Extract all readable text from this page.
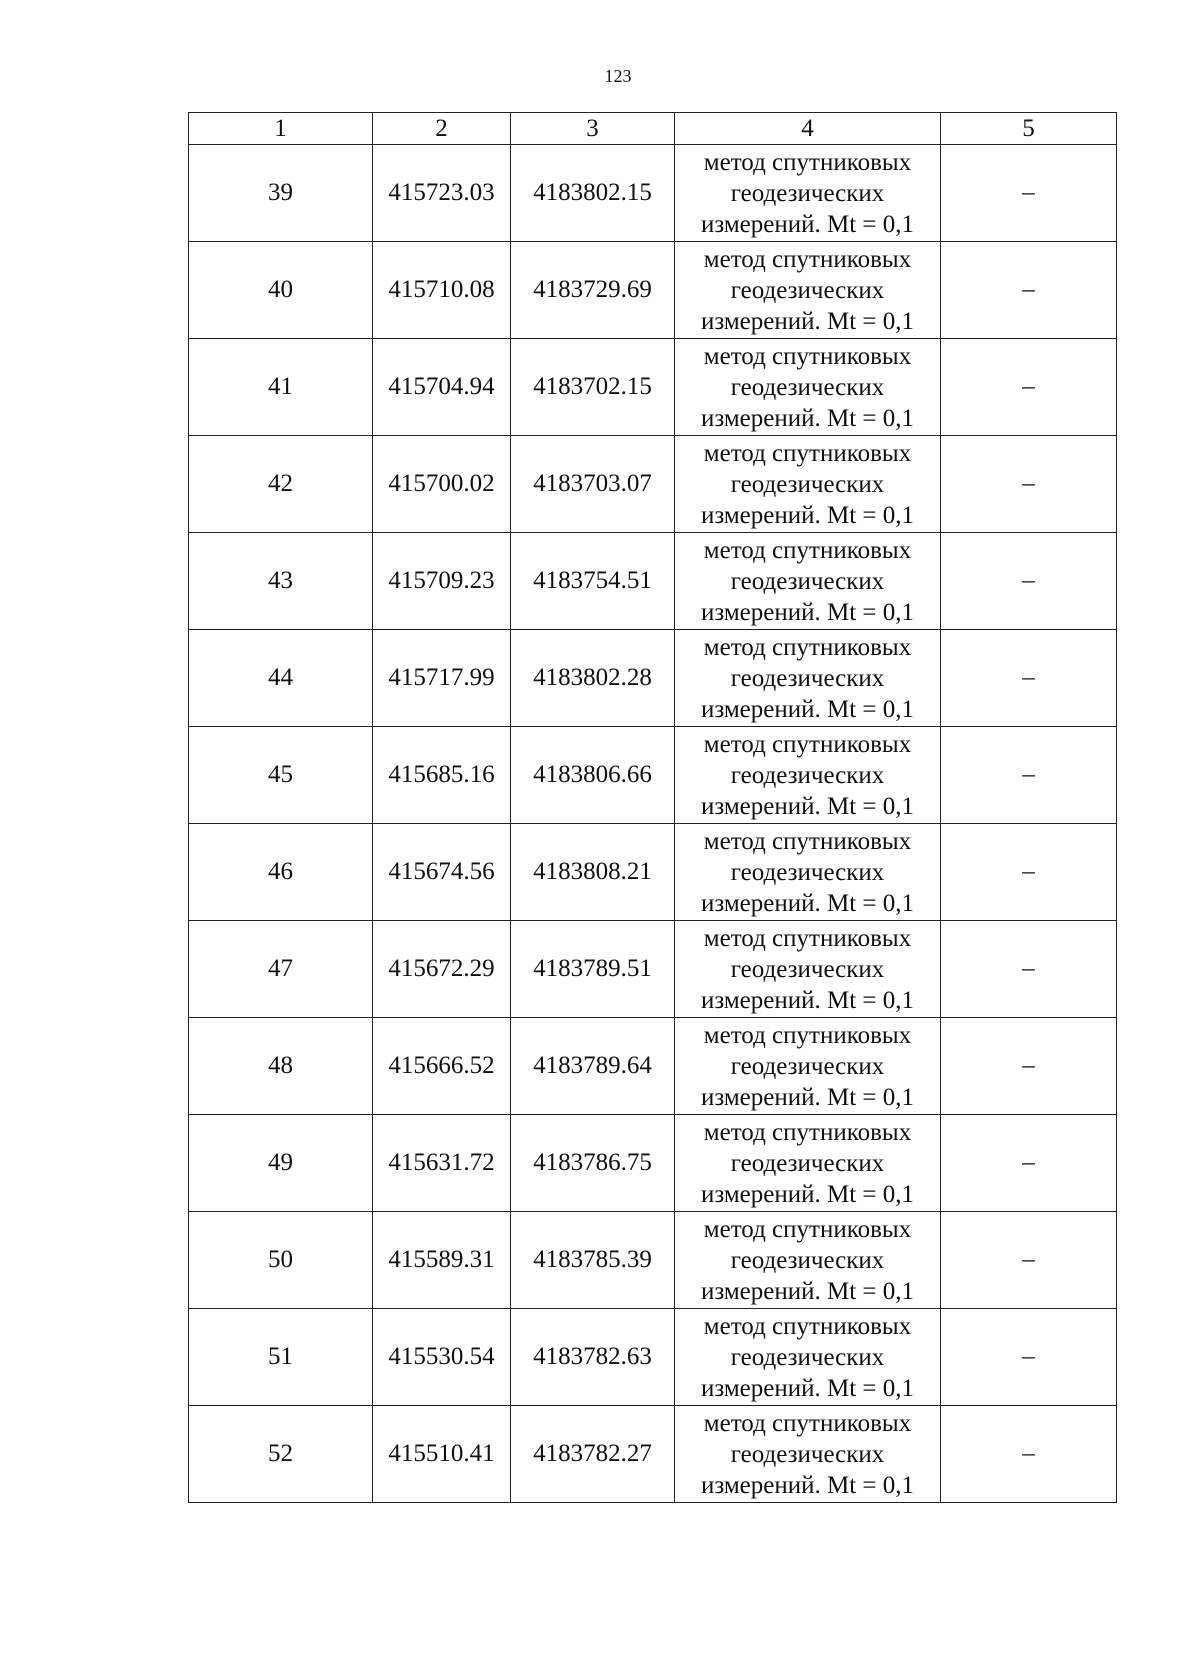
123
1	2	3	4	5
39	415723.03	4183802.15	метод спутниковых
геодезических
измерений. Mt = 0,1	–
40	415710.08	4183729.69	метод спутниковых
геодезических
измерений. Mt = 0,1	–
41	415704.94	4183702.15	метод спутниковых
геодезических
измерений. Mt = 0,1	–
42	415700.02	4183703.07	метод спутниковых
геодезических
измерений. Mt = 0,1	–
43	415709.23	4183754.51	метод спутниковых
геодезических
измерений. Mt = 0,1	–
44	415717.99	4183802.28	метод спутниковых
геодезических
измерений. Mt = 0,1	–
45	415685.16	4183806.66	метод спутниковых
геодезических
измерений. Mt = 0,1	–
46	415674.56	4183808.21	метод спутниковых
геодезических
измерений. Mt = 0,1	–
47	415672.29	4183789.51	метод спутниковых
геодезических
измерений. Mt = 0,1	–
48	415666.52	4183789.64	метод спутниковых
геодезических
измерений. Mt = 0,1	–
49	415631.72	4183786.75	метод спутниковых
геодезических
измерений. Mt = 0,1	–
50	415589.31	4183785.39	метод спутниковых
геодезических
измерений. Mt = 0,1	–
51	415530.54	4183782.63	метод спутниковых
геодезических
измерений. Mt = 0,1	–
52	415510.41	4183782.27	метод спутниковых
геодезических
измерений. Mt = 0,1	–
